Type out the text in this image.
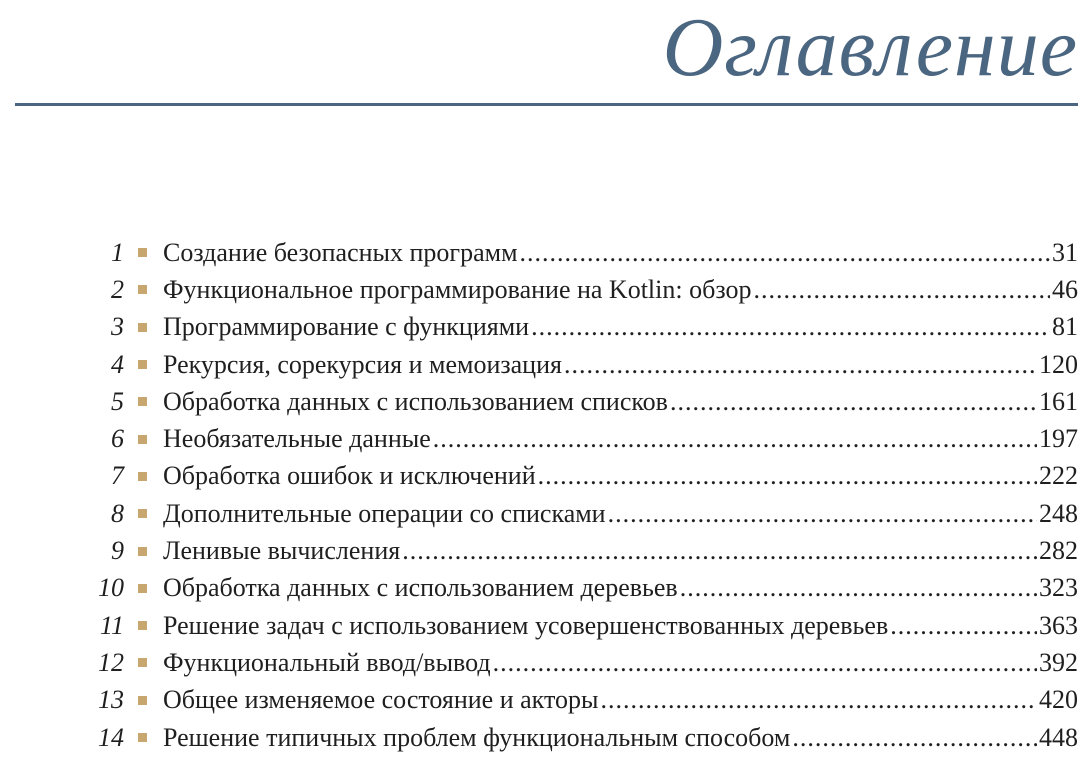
Оглавление
1 Создание безопасных программ .....	31
2 Функциональное программирование на Kotlin: обзор .....	46
3 Программирование с функциями .....	81
4 Рекурсия, сорекурсия и мемоизация .....	120
5 Обработка данных с использованием списков .....	161
6 Необязательные данные .....	197
7 Обработка ошибок и исключений .....	222
8 Дополнительные операции со списками .....	248
9 Ленивые вычисления .....	282
10 Обработка данных с использованием деревьев .....	323
11 Решение задач с использованием усовершенствованных деревьев .....	363
12 Функциональный ввод/вывод .....	392
13 Общее изменяемое состояние и акторы .....	420
14 Решение типичных проблем функциональным способом .....	448
